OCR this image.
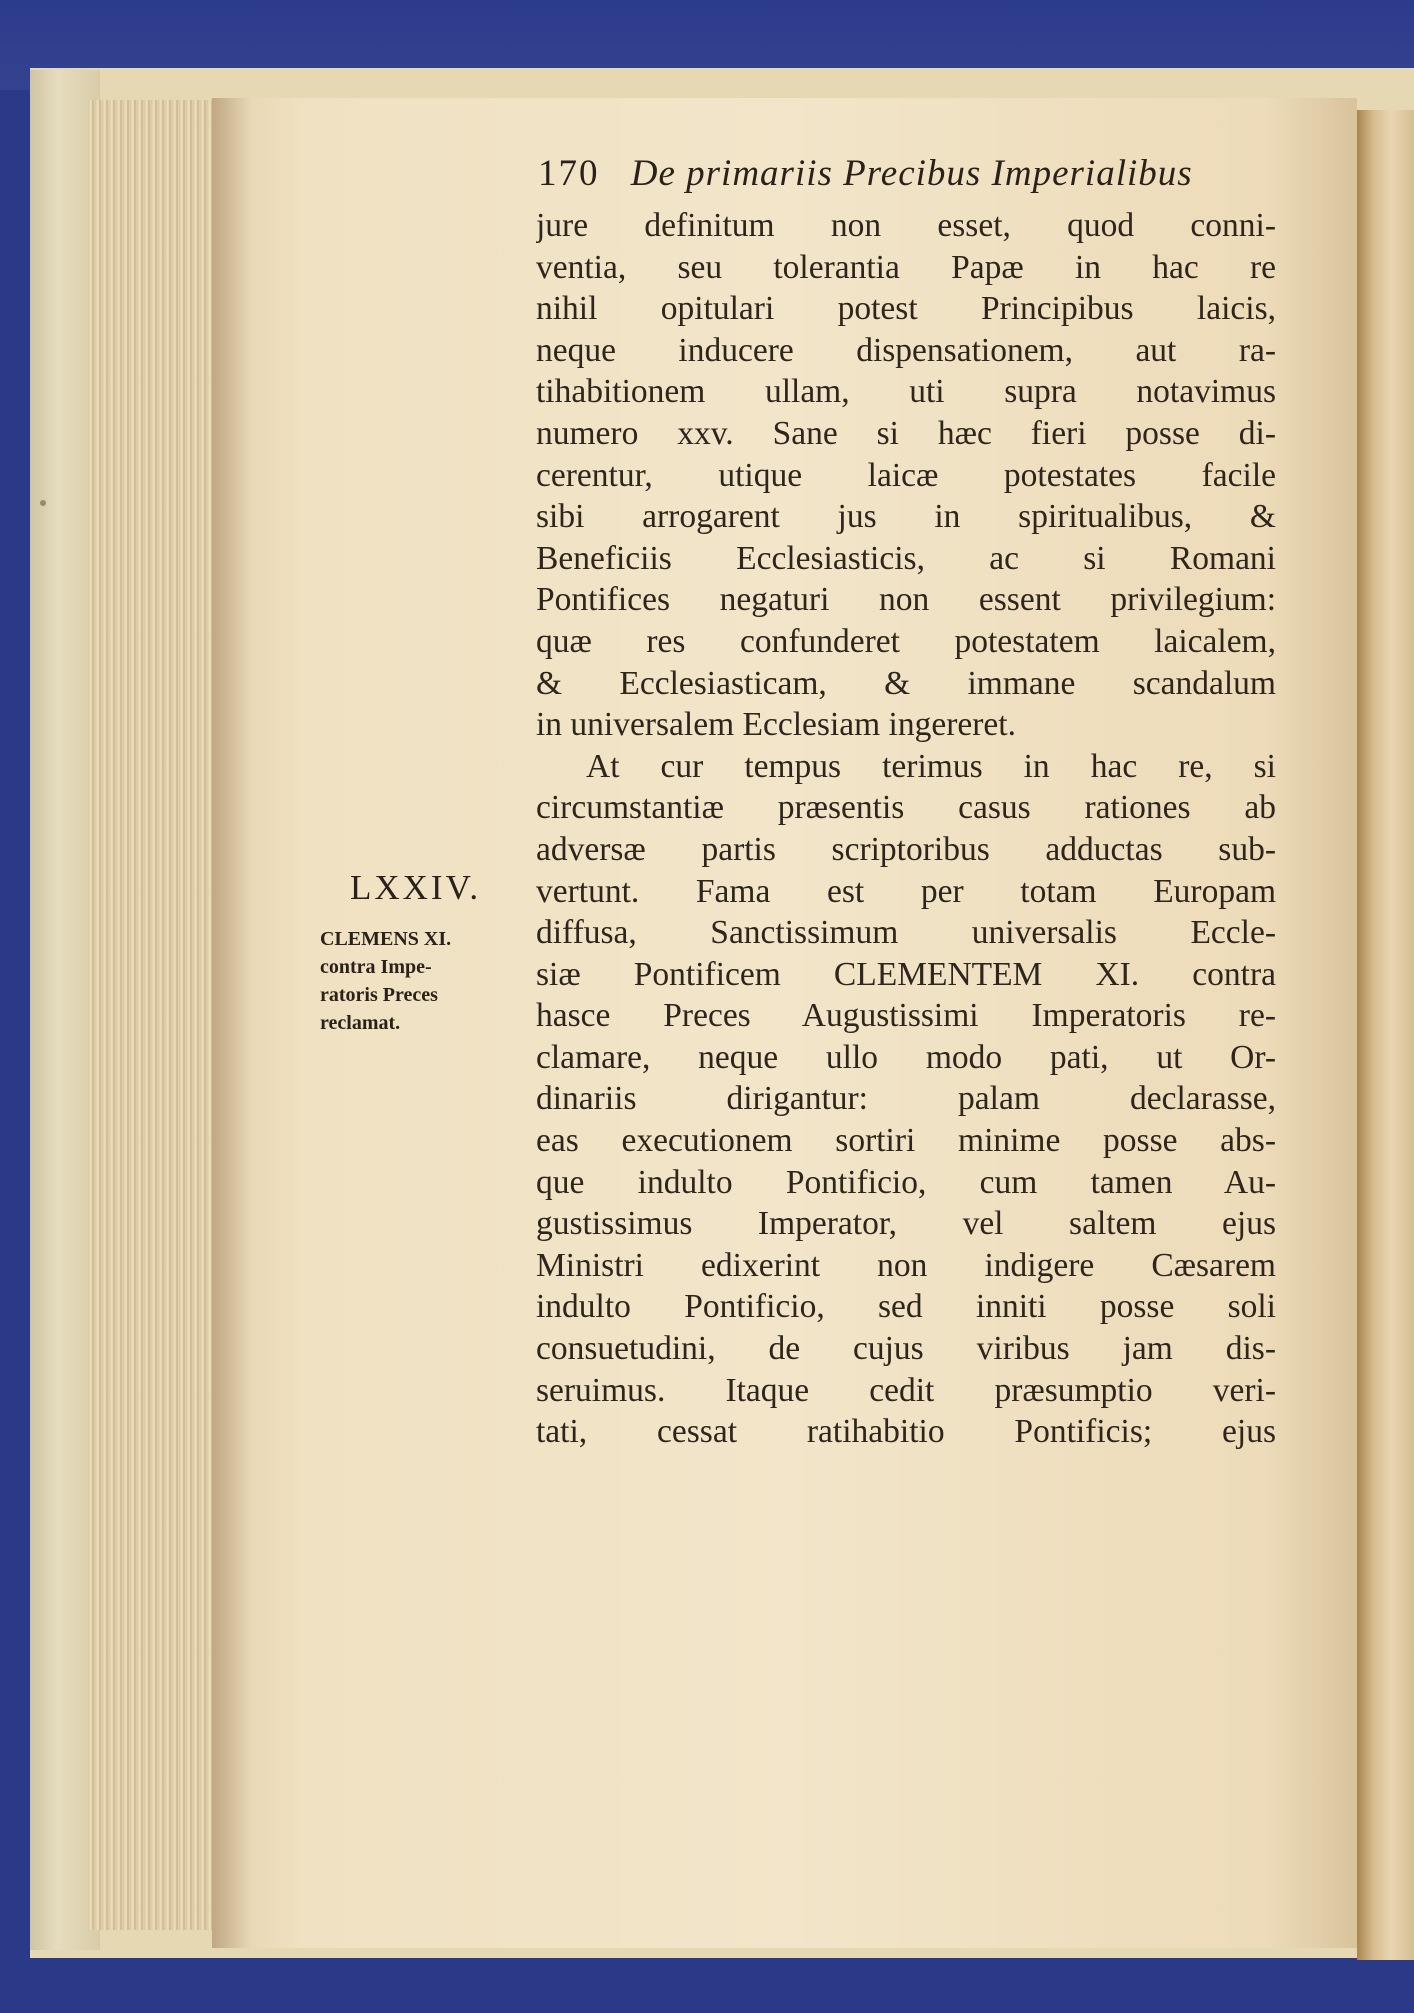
170 De primariis Precibus Imperialibus
LXXIV.
CLEMENS XI.
contra Impe-
ratoris Preces
reclamat.
jure definitum non esset, quod conni-
ventia, seu tolerantia Papæ in hac re
nihil opitulari potest Principibus laicis,
neque inducere dispensationem, aut ra-
tihabitionem ullam, uti supra notavimus
numero xxv. Sane si hæc fieri posse di-
cerentur, utique laicæ potestates facile
sibi arrogarent jus in spiritualibus, &
Beneficiis Ecclesiasticis, ac si Romani
Pontifices negaturi non essent privilegium:
quæ res confunderet potestatem laicalem,
& Ecclesiasticam, & immane scandalum
in universalem Ecclesiam ingereret.
At cur tempus terimus in hac re, si
circumstantiæ præsentis casus rationes ab
adversæ partis scriptoribus adductas sub-
vertunt. Fama est per totam Europam
diffusa, Sanctissimum universalis Eccle-
siæ Pontificem CLEMENTEM XI. contra
hasce Preces Augustissimi Imperatoris re-
clamare, neque ullo modo pati, ut Or-
dinariis dirigantur: palam declarasse,
eas executionem sortiri minime posse abs-
que indulto Pontificio, cum tamen Au-
gustissimus Imperator, vel saltem ejus
Ministri edixerint non indigere Cæsarem
indulto Pontificio, sed inniti posse soli
consuetudini, de cujus viribus jam dis-
seruimus. Itaque cedit præsumptio veri-
tati, cessat ratihabitio Pontificis; ejus
